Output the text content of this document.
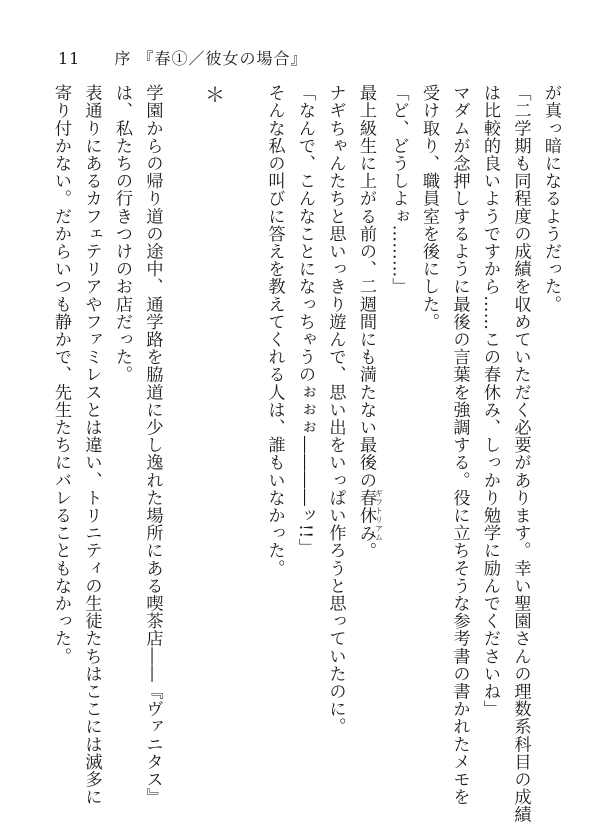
11 序 『春①／彼女の場合』

が真っ暗になるようだった。

「二学期も同程度の成績を収めていただく必要があります。幸い聖園さんの理数系科目の成績

は比較的良いようですから……この春休み、しっかり勉学に励んでくださいね」

マダムが念押しするように最後の言葉を強調する。役に立ちそうな参考書の書かれたメモを

受け取り、職員室を後にした。

「ど、どうしよぉ………」

最上級生に上がる前の、二週間にも満たない最後の春休みギフトリアム。

ナギちゃんたちと思いっきり遊んで、思い出をいっぱい作ろうと思っていたのに。

「なんで、こんなことになっちゃうのぉぉぉ――――ッ!!」

そんな私の叫びに答えを教えてくれる人は、誰もいなかった。

＊

学園からの帰り道の途中、通学路を脇道に少し逸れた場所にある喫茶店――『ヴァニタス』

は、私たちの行きつけのお店だった。

表通りにあるカフェテリアやファミレスとは違い、トリニティの生徒たちはここには滅多に

寄り付かない。だからいつも静かで、先生たちにバレることもなかった。
